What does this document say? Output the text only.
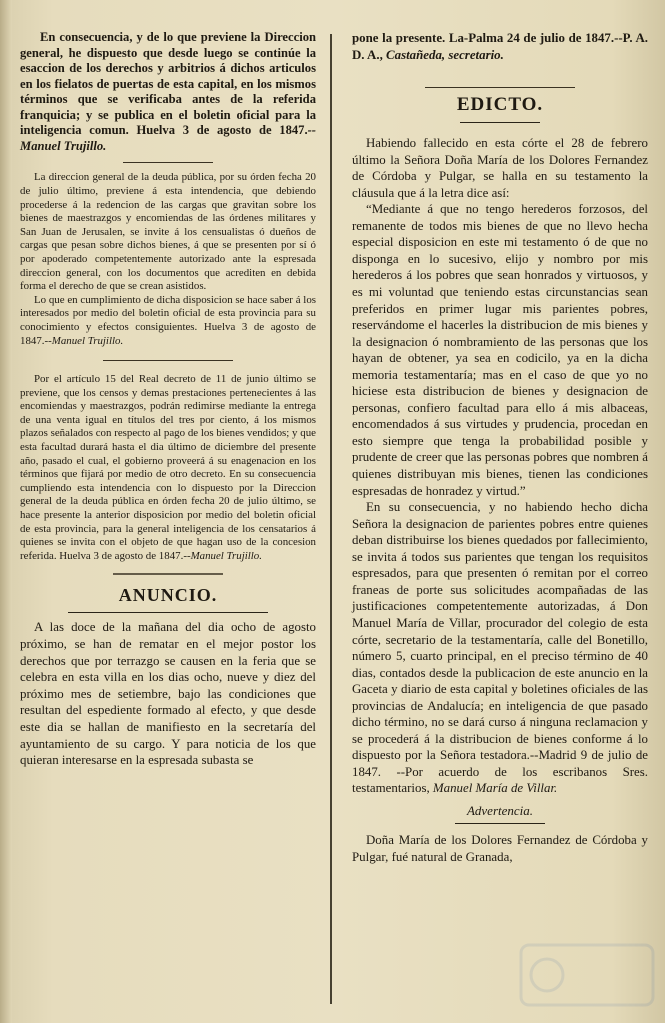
En consecuencia, y de lo que previene la Direccion general, he dispuesto que desde luego se continúe la esaccion de los derechos y arbitrios á dichos articulos en los fielatos de puertas de esta capital, en los mismos términos que se verificaba antes de la referida franquicia; y se publica en el boletin oficial para la inteligencia comun. Huelva 3 de agosto de 1847.--Manuel Trujillo.

La direccion general de la deuda pública, por su órden fecha 20 de julio último, previene á esta intendencia, que debiendo procederse á la redencion de las cargas que gravitan sobre los bienes de maestrazgos y encomiendas de las órdenes militares y San Juan de Jerusalen, se invite á los censualistas ó dueños de cargas que pesan sobre dichos bienes, á que se presenten por sí ó por apoderado competentemente autorizado ante la espresada direccion general, con los documentos que acrediten en debida forma el derecho de que se crean asistidos.

Lo que en cumplimiento de dicha disposicion se hace saber á los interesados por medio del boletin oficial de esta provincia para su conocimiento y efectos consiguientes. Huelva 3 de agosto de 1847.--Manuel Trujillo.

Por el artículo 15 del Real decreto de 11 de junio último se previene, que los censos y demas prestaciones pertenecientes á las encomiendas y maestrazgos, podrán redimirse mediante la entrega de una venta igual en títulos del tres por ciento, á los mismos plazos señalados con respecto al pago de los bienes vendidos; y que esta facultad durará hasta el dia último de diciembre del presente año, pasado el cual, el gobierno proveerá á su enagenacion en los términos que fijará por medio de otro decreto. En su consecuencia cumpliendo esta intendencia con lo dispuesto por la Direccion general de la deuda pública en órden fecha 20 de julio último, se hace presente la anterior disposicion por medio del boletin oficial de esta provincia, para la general inteligencia de los censatarios á quienes se invita con el objeto de que hagan uso de la concesion referida. Huelva 3 de agosto de 1847.--Manuel Trujillo.

ANUNCIO.

A las doce de la mañana del dia ocho de agosto próximo, se han de rematar en el mejor postor los derechos que por terrazgo se causen en la feria que se celebra en esta villa en los dias ocho, nueve y diez del próximo mes de setiembre, bajo las condiciones que resultan del espediente formado al efecto, y que desde este dia se hallan de manifiesto en la secretaría del ayuntamiento de su cargo. Y para noticia de los que quieran interesarse en la espresada subasta se

pone la presente. La-Palma 24 de julio de 1847.--P. A. D. A., Castañeda, secretario.

EDICTO.

Habiendo fallecido en esta córte el 28 de febrero último la Señora Doña María de los Dolores Fernandez de Córdoba y Pulgar, se halla en su testamento la cláusula que á la letra dice así:

“Mediante á que no tengo herederos forzosos, del remanente de todos mis bienes de que no llevo hecha especial disposicion en este mi testamento ó de que no disponga en lo sucesivo, elijo y nombro por mis herederos á los pobres que sean honrados y virtuosos, y es mi voluntad que teniendo estas circunstancias sean preferidos en primer lugar mis parientes pobres, reservándome el hacerles la distribucion de mis bienes y la designacion ó nombramiento de las personas que los hayan de obtener, ya sea en codicilo, ya en la dicha memoria testamentaría; mas en el caso de que yo no hiciese esta distribucion de bienes y designacion de personas, confiero facultad para ello á mis albaceas, encomendados á sus virtudes y prudencia, procedan en esto siempre que tenga la probabilidad posible y prudente de creer que las personas pobres que nombren á quienes distribuyan mis bienes, tienen las condiciones espresadas de honradez y virtud.”

En su consecuencia, y no habiendo hecho dicha Señora la designacion de parientes pobres entre quienes deban distribuirse los bienes quedados por fallecimiento, se invita á todos sus parientes que tengan los requisitos espresados, para que presenten ó remitan por el correo franeas de porte sus solicitudes acompañadas de las justificaciones competentemente autorizadas, á Don Manuel María de Villar, procurador del colegio de esta córte, secretario de la testamentaría, calle del Bonetillo, número 5, cuarto principal, en el preciso término de 40 dias, contados desde la publicacion de este anuncio en la Gaceta y diario de esta capital y boletines oficiales de las provincias de Andalucía; en inteligencia de que pasado dicho término, no se dará curso á ninguna reclamacion y se procederá á la distribucion de bienes conforme á lo dispuesto por la Señora testadora.--Madrid 9 de julio de 1847. --Por acuerdo de los escribanos Sres. testamentarios, Manuel María de Villar.

Advertencia.

Doña María de los Dolores Fernandez de Córdoba y Pulgar, fué natural de Granada,
